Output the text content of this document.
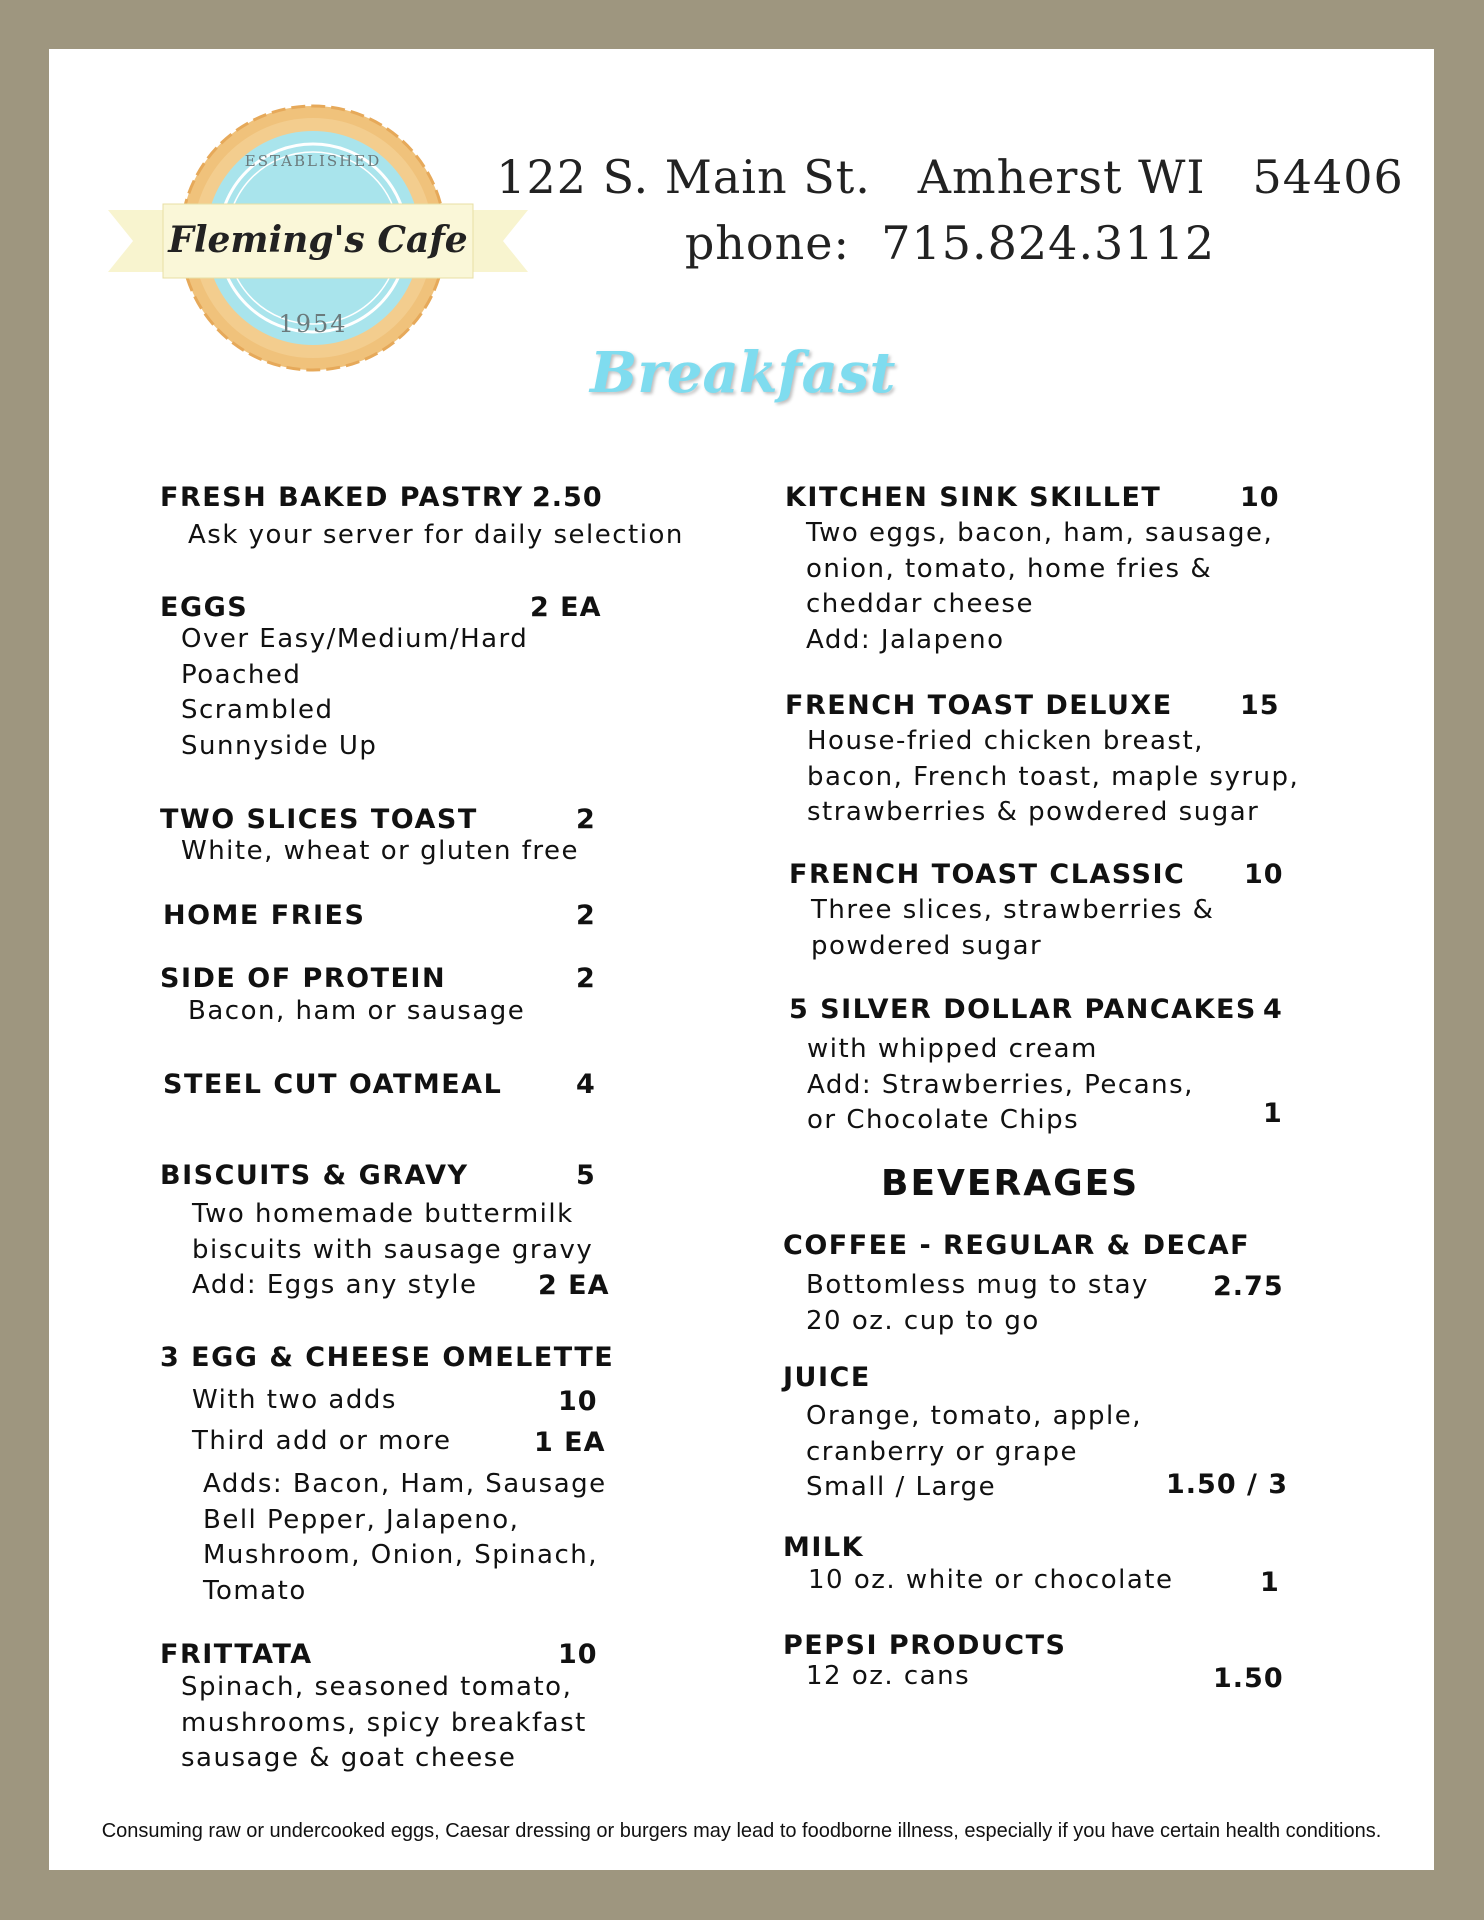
ESTABLISHED
Fleming's Cafe
1954
122 S. Main St.   Amherst WI   54406
phone:  715.824.3112
Breakfast
FRESH BAKED PASTRY 2.50
Ask your server for daily selection
EGGS	2 EA
Over Easy/Medium/Hard
Poached
Scrambled
Sunnyside Up
TWO SLICES TOAST	2
White, wheat or gluten free
HOME FRIES	2
SIDE OF PROTEIN	2
Bacon, ham or sausage
STEEL CUT OATMEAL	4
BISCUITS & GRAVY	5
Two homemade buttermilk
biscuits with sausage gravy
Add: Eggs any style	2 EA
3 EGG & CHEESE OMELETTE
With two adds	10
Third add or more	1 EA
Adds: Bacon, Ham, Sausage
Bell Pepper, Jalapeno,
Mushroom, Onion, Spinach,
Tomato
FRITTATA	10
Spinach, seasoned tomato,
mushrooms, spicy breakfast
sausage & goat cheese
KITCHEN SINK SKILLET	10
Two eggs, bacon, ham, sausage,
onion, tomato, home fries &
cheddar cheese
Add: Jalapeno
FRENCH TOAST DELUXE 15
House-fried chicken breast,
bacon, French toast, maple syrup,
strawberries & powdered sugar
FRENCH TOAST CLASSIC 10
Three slices, strawberries &
powdered sugar
5 SILVER DOLLAR PANCAKES 4
with whipped cream
Add: Strawberries, Pecans,
or Chocolate Chips	1
BEVERAGES
COFFEE - REGULAR & DECAF
Bottomless mug to stay
20 oz. cup to go
2.75
JUICE
Orange, tomato, apple,
cranberry or grape
Small / Large	1.50 / 3
MILK
10 oz. white or chocolate	1
PEPSI PRODUCTS
12 oz. cans	1.50
Consuming raw or undercooked eggs, Caesar dressing or burgers may lead to foodborne illness, especially if you have certain health conditions.
